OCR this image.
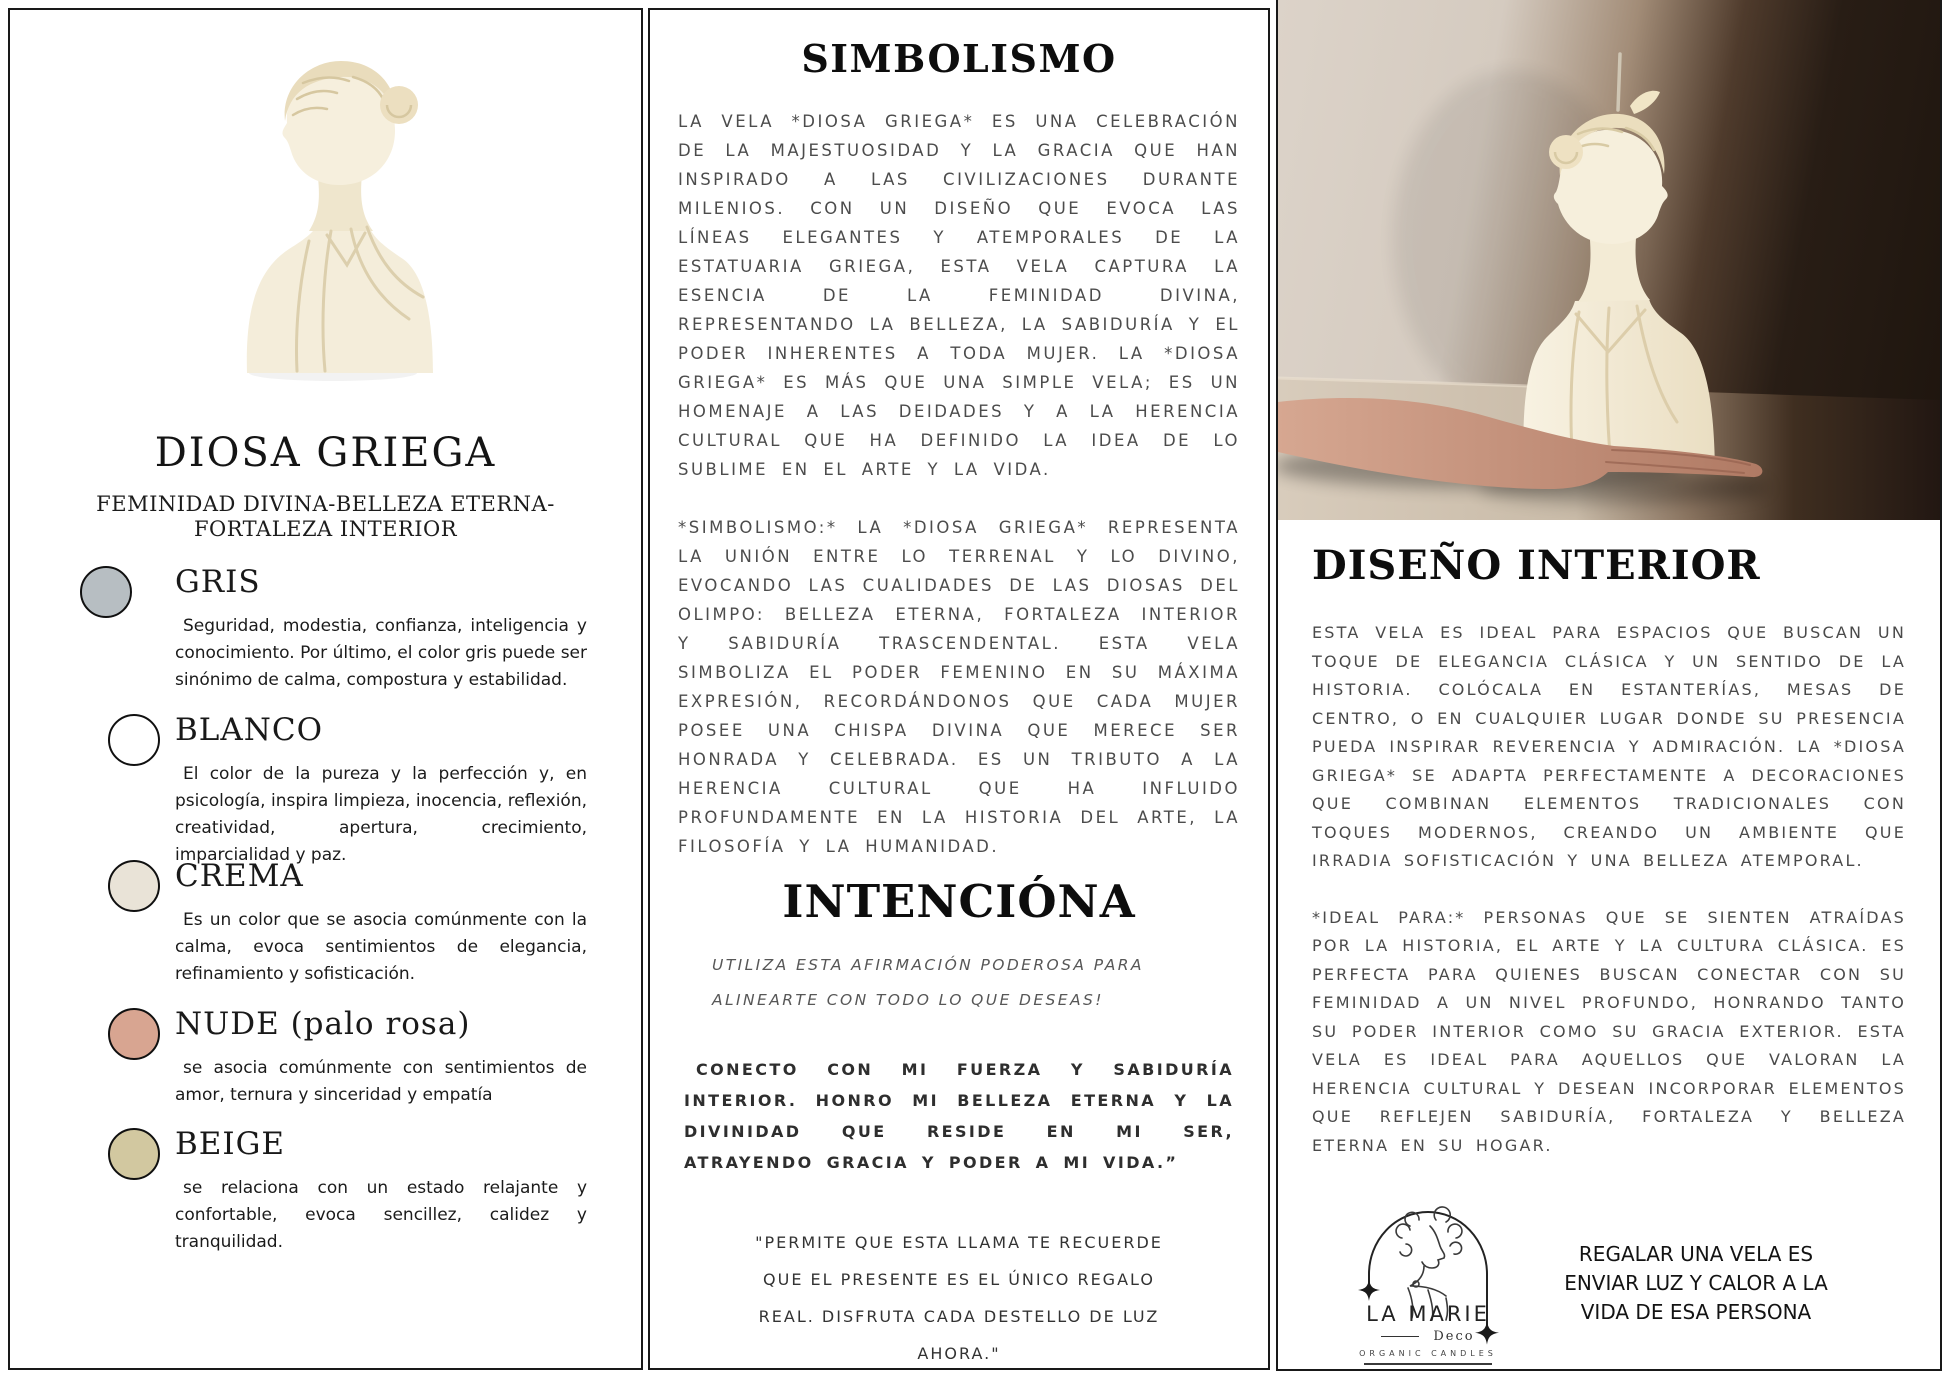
DIOSA GRIEGA
FEMINIDAD DIVINA-BELLEZA ETERNA-
FORTALEZA INTERIOR
GRIS
Seguridad, modestia, confianza, inteligencia y conocimiento. Por último, el color gris puede ser sinónimo de calma, compostura y estabilidad.
BLANCO
El color de la pureza y la perfección y, en psicología, inspira limpieza, inocencia, reflexión, creatividad, apertura, crecimiento, imparcialidad y paz.
CREMA
Es un color que se asocia comúnmente con la calma, evoca sentimientos de elegancia, refinamiento y sofisticación.
NUDE (palo rosa)
se asocia comúnmente con sentimientos de amor, ternura y sinceridad y empatía
BEIGE
se relaciona con un estado relajante y confortable, evoca sencillez, calidez y tranquilidad.
SIMBOLISMO

LA VELA *DIOSA GRIEGA* ES UNA CELEBRACIÓN DE LA MAJESTUOSIDAD Y LA GRACIA QUE HAN INSPIRADO A LAS CIVILIZACIONES DURANTE MILENIOS. CON UN DISEÑO QUE EVOCA LAS LÍNEAS ELEGANTES Y ATEMPORALES DE LA ESTATUARIA GRIEGA, ESTA VELA CAPTURA LA ESENCIA DE LA FEMINIDAD DIVINA, REPRESENTANDO LA BELLEZA, LA SABIDURÍA Y EL PODER INHERENTES A TODA MUJER. LA *DIOSA GRIEGA* ES MÁS QUE UNA SIMPLE VELA; ES UN HOMENAJE A LAS DEIDADES Y A LA HERENCIA CULTURAL QUE HA DEFINIDO LA IDEA DE LO SUBLIME EN EL ARTE Y LA VIDA.

*SIMBOLISMO:* LA *DIOSA GRIEGA* REPRESENTA LA UNIÓN ENTRE LO TERRENAL Y LO DIVINO, EVOCANDO LAS CUALIDADES DE LAS DIOSAS DEL OLIMPO: BELLEZA ETERNA, FORTALEZA INTERIOR Y SABIDURÍA TRASCENDENTAL. ESTA VELA SIMBOLIZA EL PODER FEMENINO EN SU MÁXIMA EXPRESIÓN, RECORDÁNDONOS QUE CADA MUJER POSEE UNA CHISPA DIVINA QUE MERECE SER HONRADA Y CELEBRADA. ES UN TRIBUTO A LA HERENCIA CULTURAL QUE HA INFLUIDO PROFUNDAMENTE EN LA HISTORIA DEL ARTE, LA FILOSOFÍA Y LA HUMANIDAD.

INTENCIÓNA

UTILIZA ESTA AFIRMACIÓN PODEROSA PARA ALINEARTE CON TODO LO QUE DESEAS!

CONECTO CON MI FUERZA Y SABIDURÍA INTERIOR. HONRO MI BELLEZA ETERNA Y LA DIVINIDAD QUE RESIDE EN MI SER, ATRAYENDO GRACIA Y PODER A MI VIDA.”

"PERMITE QUE ESTA LLAMA TE RECUERDE QUE EL PRESENTE ES EL ÚNICO REGALO REAL. DISFRUTA CADA DESTELLO DE LUZ AHORA."

DISEÑO INTERIOR

ESTA VELA ES IDEAL PARA ESPACIOS QUE BUSCAN UN TOQUE DE ELEGANCIA CLÁSICA Y UN SENTIDO DE LA HISTORIA. COLÓCALA EN ESTANTERÍAS, MESAS DE CENTRO, O EN CUALQUIER LUGAR DONDE SU PRESENCIA PUEDA INSPIRAR REVERENCIA Y ADMIRACIÓN. LA *DIOSA GRIEGA* SE ADAPTA PERFECTAMENTE A DECORACIONES QUE COMBINAN ELEMENTOS TRADICIONALES CON TOQUES MODERNOS, CREANDO UN AMBIENTE QUE IRRADIA SOFISTICACIÓN Y UNA BELLEZA ATEMPORAL.

*IDEAL PARA:* PERSONAS QUE SE SIENTEN ATRAÍDAS POR LA HISTORIA, EL ARTE Y LA CULTURA CLÁSICA. ES PERFECTA PARA QUIENES BUSCAN CONECTAR CON SU FEMINIDAD A UN NIVEL PROFUNDO, HONRANDO TANTO SU PODER INTERIOR COMO SU GRACIA EXTERIOR. ESTA VELA ES IDEAL PARA AQUELLOS QUE VALORAN LA HERENCIA CULTURAL Y DESEAN INCORPORAR ELEMENTOS QUE REFLEJEN SABIDURÍA, FORTALEZA Y BELLEZA ETERNA EN SU HOGAR.

LA MARIE
Deco
ORGANIC CANDLES
REGALAR UNA VELA ES ENVIAR LUZ Y CALOR A LA VIDA DE ESA PERSONA
